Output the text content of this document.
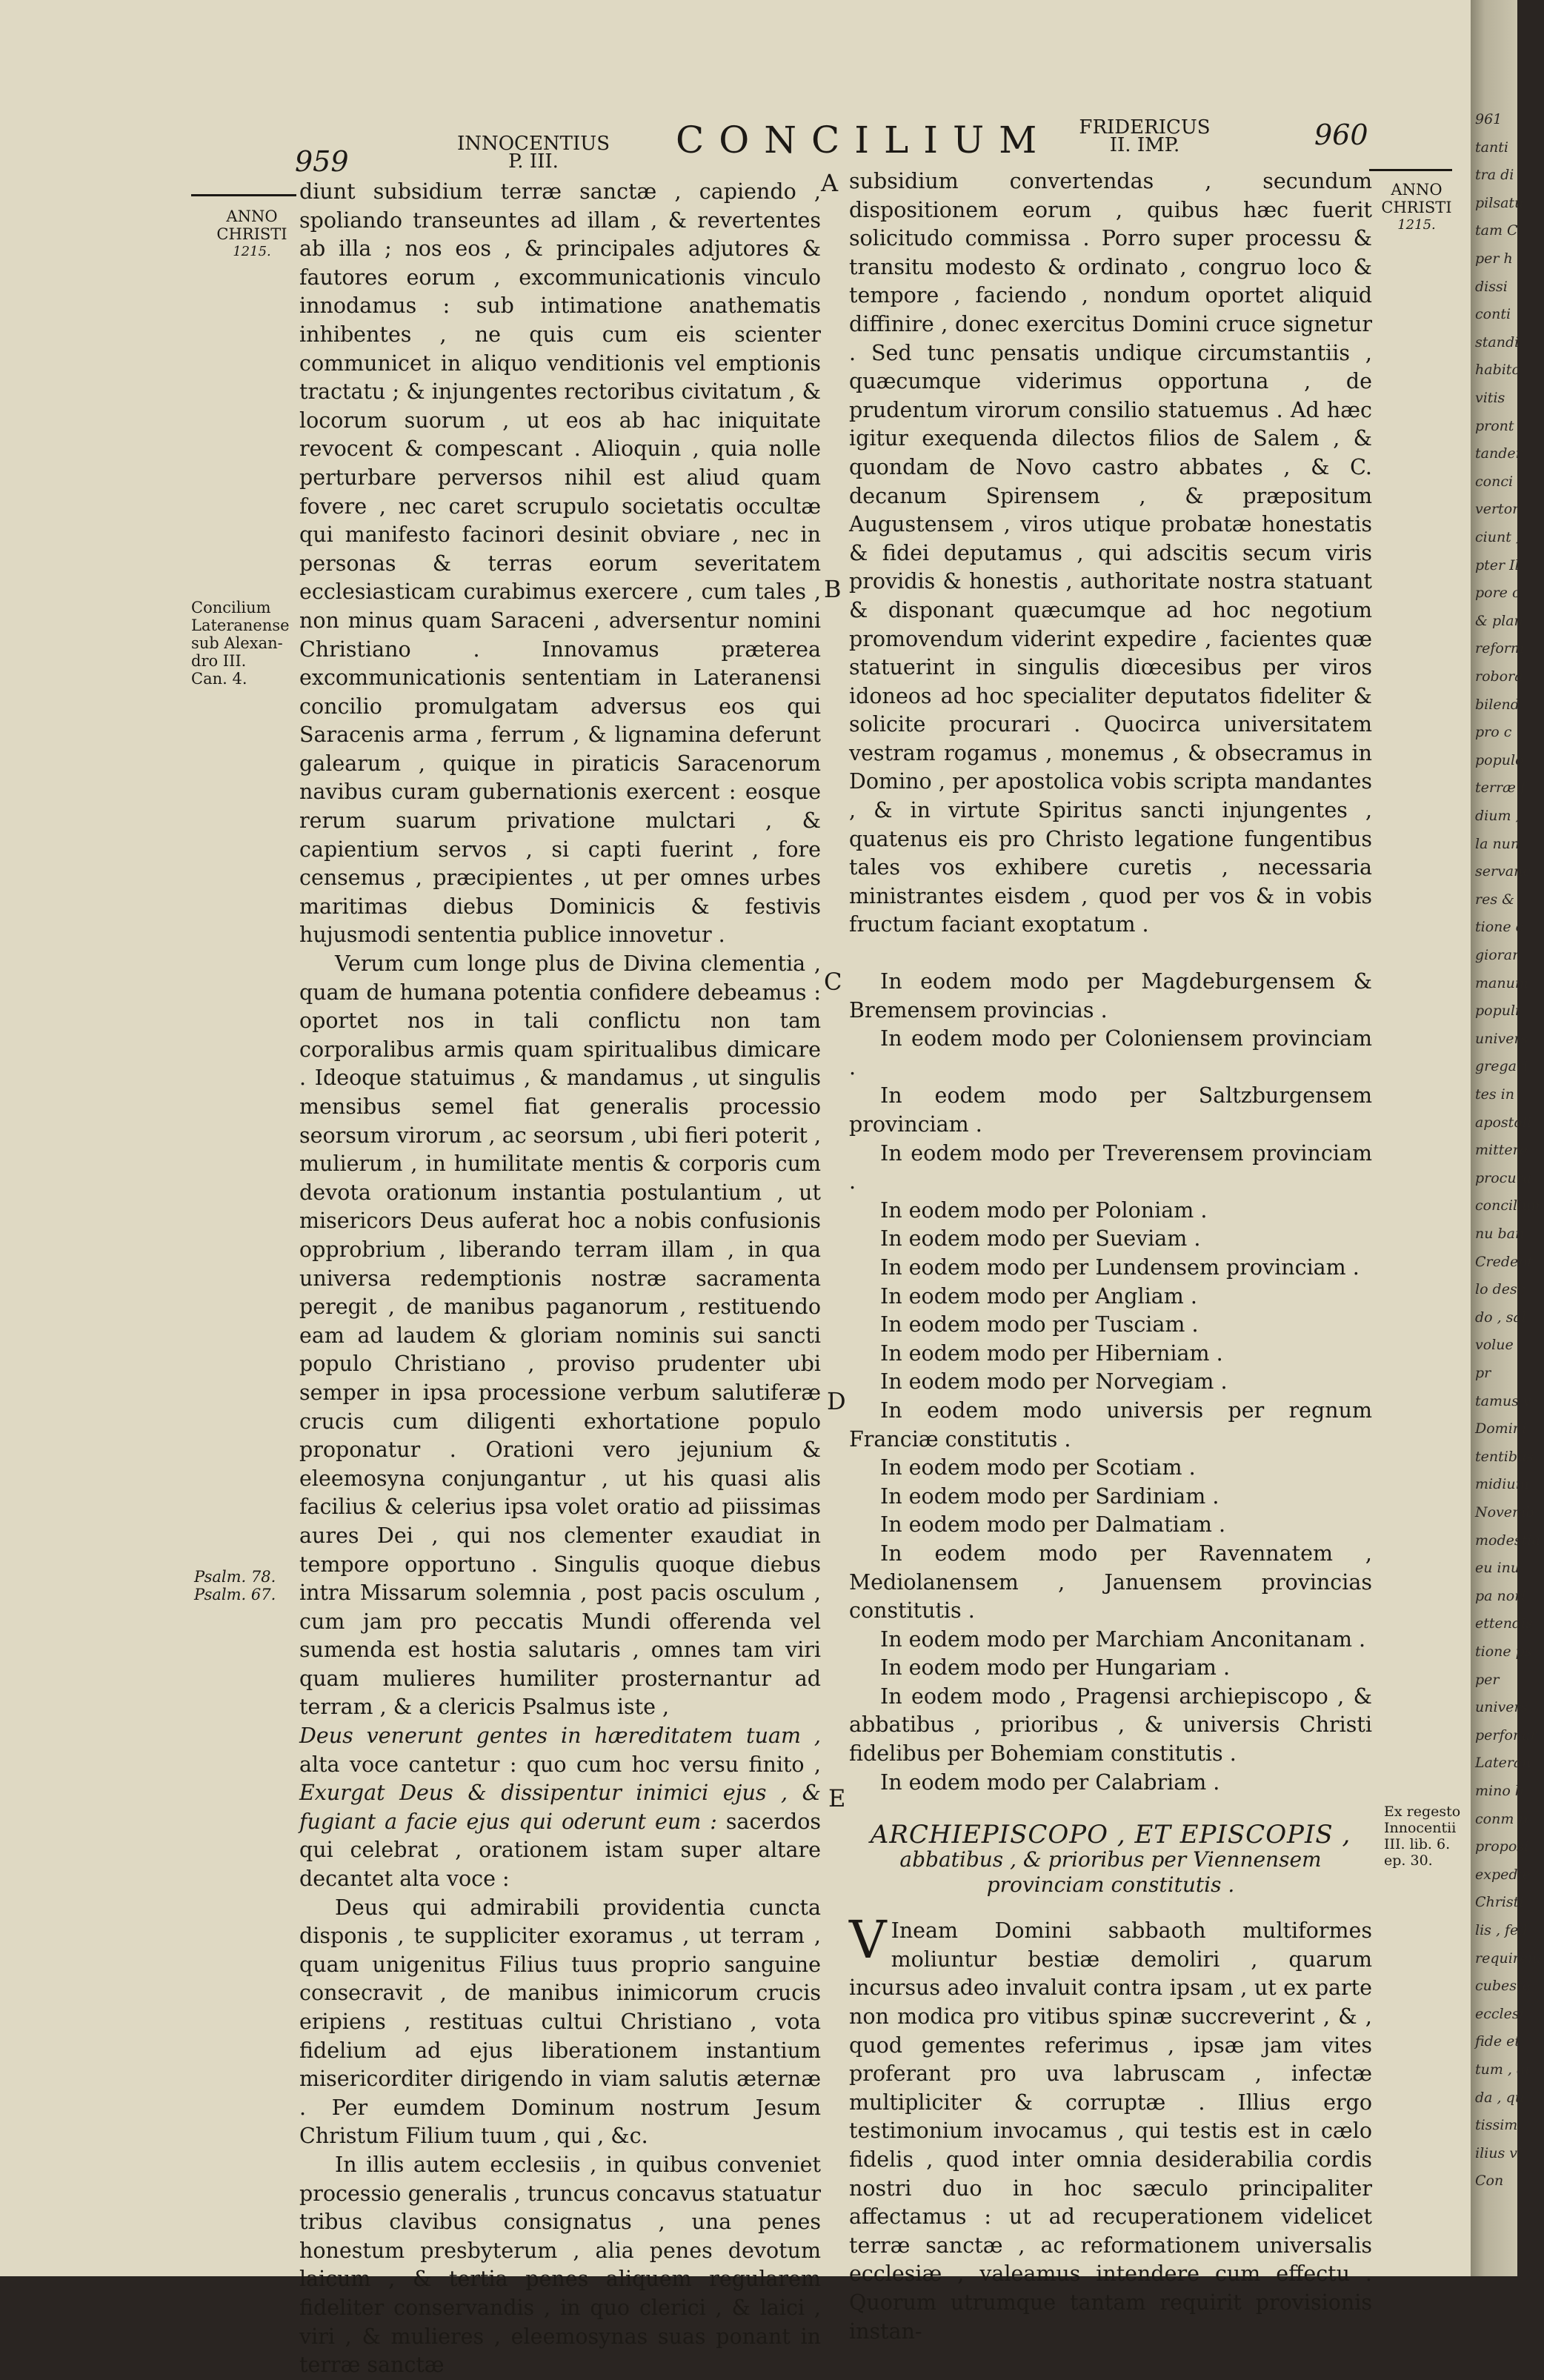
959
INNOCENTIUS
P. III.	CONCILIUM	FRIDERICUS
II. IMP.	960
ANNO
CHRISTI
1215.
Concilium
Lateranense
sub Alexan-
dro III.
Can. 4.
Psalm. 78.
Psalm. 67.
ANNO
CHRISTI
1215.
Ex regesto
Innocentii
III. lib. 6.
ep. 30.
A
B
C
D
E

diunt subsidium terræ sanctæ , capiendo , spoliando transeuntes ad illam , & revertentes ab illa ; nos eos , & principales adjutores & fautores eorum , excommunicationis vinculo innodamus : sub intimatione anathematis inhibentes , ne quis cum eis scienter communicet in aliquo venditionis vel emptionis tractatu ; & injungentes rectoribus civitatum , & locorum suorum , ut eos ab hac iniquitate revocent & compescant . Alioquin , quia nolle perturbare perversos nihil est aliud quam fovere , nec caret scrupulo societatis occultæ qui manifesto facinori desinit obviare , nec in personas & terras eorum severitatem ecclesiasticam curabimus exercere , cum tales , non minus quam Saraceni , adversentur nomini Christiano . Innovamus præterea excommunicationis sententiam in Lateranensi concilio promulgatam adversus eos qui Saracenis arma , ferrum , & lignamina deferunt galearum , quique in piraticis Saracenorum navibus curam gubernationis exercent : eosque rerum suarum privatione mulctari , & capientium servos , si capti fuerint , fore censemus , præcipientes , ut per omnes urbes maritimas diebus Dominicis & festivis hujusmodi sententia publice innovetur .

Verum cum longe plus de Divina clementia , quam de humana potentia confidere debeamus : oportet nos in tali conflictu non tam corporalibus armis quam spiritualibus dimicare . Ideoque statuimus , & mandamus , ut singulis mensibus semel fiat generalis processio seorsum virorum , ac seorsum , ubi fieri poterit , mulierum , in humilitate mentis & corporis cum devota orationum instantia postulantium , ut misericors Deus auferat hoc a nobis confusionis opprobrium , liberando terram illam , in qua universa redemptionis nostræ sacramenta peregit , de manibus paganorum , restituendo eam ad laudem & gloriam nominis sui sancti populo Christiano , proviso prudenter ubi semper in ipsa processione verbum salutiferæ crucis cum diligenti exhortatione populo proponatur . Orationi vero jejunium & eleemosyna conjungantur , ut his quasi alis facilius & celerius ipsa volet oratio ad piissimas aures Dei , qui nos clementer exaudiat in tempore opportuno . Singulis quoque diebus intra Missarum solemnia , post pacis osculum , cum jam pro peccatis Mundi offerenda vel sumenda est hostia salutaris , omnes tam viri quam mulieres humiliter prosternantur ad terram , & a clericis Psalmus iste ,

Deus venerunt gentes in hæreditatem tuam , alta voce cantetur : quo cum hoc versu finito , Exurgat Deus & dissipentur inimici ejus , & fugiant a facie ejus qui oderunt eum : sacerdos qui celebrat , orationem istam super altare decantet alta voce :

Deus qui admirabili providentia cuncta disponis , te suppliciter exoramus , ut terram , quam unigenitus Filius tuus proprio sanguine consecravit , de manibus inimicorum crucis eripiens , restituas cultui Christiano , vota fidelium ad ejus liberationem instantium misericorditer dirigendo in viam salutis æternæ . Per eumdem Dominum nostrum Jesum Christum Filium tuum , qui , &c.

In illis autem ecclesiis , in quibus conveniet processio generalis , truncus concavus statuatur tribus clavibus consignatus , una penes honestum presbyterum , alia penes devotum laicum , & tertia penes aliquem regularem fideliter conservandis , in quo clerici , & laici , viri , & mulieres , eleemosynas suas ponant in terræ sanctæ

subsidium convertendas , secundum dispositionem eorum , quibus hæc fuerit solicitudo commissa . Porro super processu & transitu modesto & ordinato , congruo loco & tempore , faciendo , nondum oportet aliquid diffinire , donec exercitus Domini cruce signetur . Sed tunc pensatis undique circumstantiis , quæcumque viderimus opportuna , de prudentum virorum consilio statuemus . Ad hæc igitur exequenda dilectos filios de Salem , & quondam de Novo castro abbates , & C. decanum Spirensem , & præpositum Augustensem , viros utique probatæ honestatis & fidei deputamus , qui adscitis secum viris providis & honestis , authoritate nostra statuant & disponant quæcumque ad hoc negotium promovendum viderint expedire , facientes quæ statuerint in singulis diœcesibus per viros idoneos ad hoc specialiter deputatos fideliter & solicite procurari . Quocirca universitatem vestram rogamus , monemus , & obsecramus in Domino , per apostolica vobis scripta mandantes , & in virtute Spiritus sancti injungentes , quatenus eis pro Christo legatione fungentibus tales vos exhibere curetis , necessaria ministrantes eisdem , quod per vos & in vobis fructum faciant exoptatum .

In eodem modo per Magdeburgensem & Bremensem provincias .

In eodem modo per Coloniensem provinciam .

In eodem modo per Saltzburgensem provinciam .

In eodem modo per Treverensem provinciam .

In eodem modo per Poloniam .

In eodem modo per Sueviam .

In eodem modo per Lundensem provinciam .

In eodem modo per Angliam .

In eodem modo per Tusciam .

In eodem modo per Hiberniam .

In eodem modo per Norvegiam .

In eodem modo universis per regnum Franciæ constitutis .

In eodem modo per Scotiam .

In eodem modo per Sardiniam .

In eodem modo per Dalmatiam .

In eodem modo per Ravennatem , Mediolanensem , Januensem provincias constitutis .

In eodem modo per Marchiam Anconitanam .

In eodem modo per Hungariam .

In eodem modo , Pragensi archiepiscopo , & abbatibus , prioribus , & universis Christi fidelibus per Bohemiam constitutis .

In eodem modo per Calabriam .

ARCHIEPISCOPO , ET EPISCOPIS ,
abbatibus , & prioribus per Viennensem
provinciam constitutis .

V Ineam Domini sabbaoth multiformes moliuntur bestiæ demoliri , quarum incursus adeo invaluit contra ipsam , ut ex parte non modica pro vitibus spinæ succreverint , & , quod gementes referimus , ipsæ jam vites proferant pro uva labruscam , infectæ multipliciter & corruptæ . Illius ergo testimonium invocamus , qui testis est in cælo fidelis , quod inter omnia desiderabilia cordis nostri duo in hoc sæculo principaliter affectamus : ut ad recuperationem videlicet terræ sanctæ , ac reformationem universalis ecclesiæ , valeamus intendere cum effectu . Quorum utrumque tantam requirit provisionis instan-

961
tanti
tra di
pilsatu
tam C
per h
dissi
conti
standi
habito
vitis
pront
tander
conci
vertor
ciunt ,
pter Il
pore c
& plan
reform
robora
bilend
pro c
populo
terræ f
dium ,
la nun
servanc
res &
tione c
giorar
manum
populi
univers
gregari
tes in
apostoli
mittere
procura
concilium
nu ban
Credent
lo desc
do , sal
volue
pr
tamus v
Domini
tentibus
midium
Novemb
modestia
eu inu
pa nori
ettendis
tione ps
per
univers
perfonar
Lateran
mino h
conm p
proposi
expedie
Christi
lis , fed
requirens
cubeste
ecclesi
fide et
tum , at
da , qu
tissim
ilius vi
Con
